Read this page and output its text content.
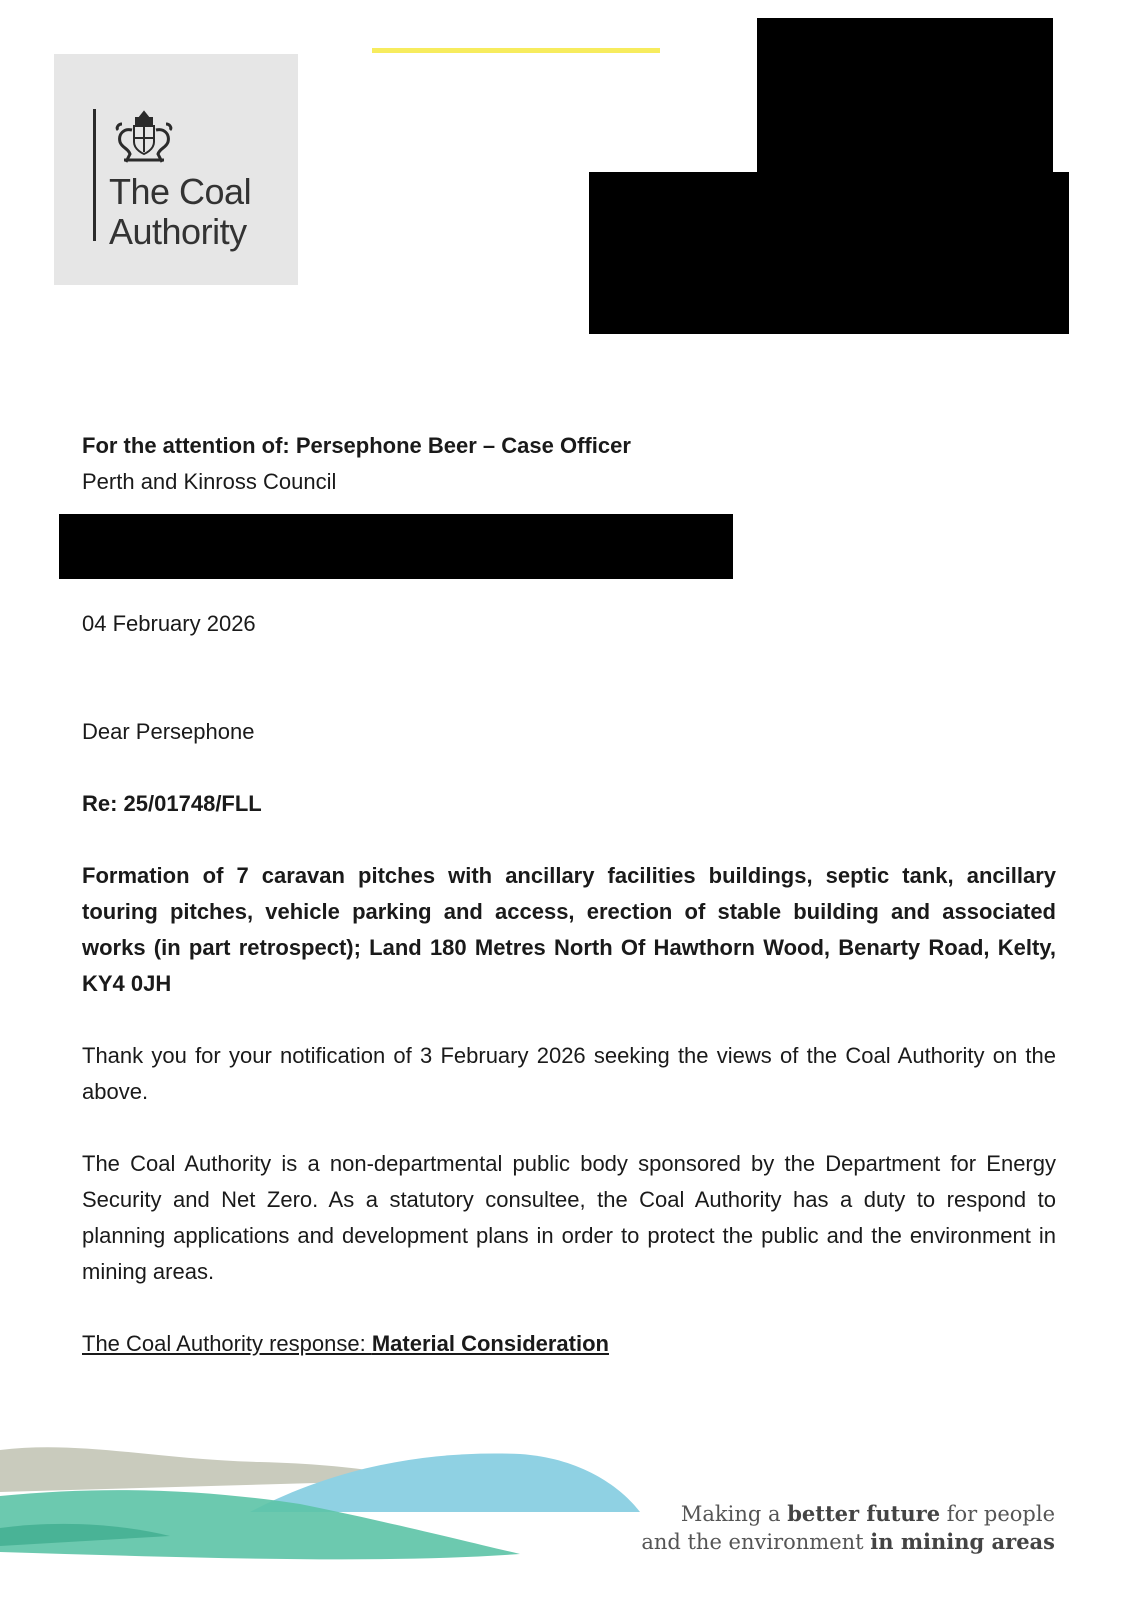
The Coal
Authority
For the attention of: Persephone Beer – Case Officer
Perth and Kinross Council
04 February 2026
Dear Persephone
Re: 25/01748/FLL
Formation of 7 caravan pitches with ancillary facilities buildings, septic tank, ancillary touring pitches, vehicle parking and access, erection of stable building and associated works (in part retrospect); Land 180 Metres North Of Hawthorn Wood, Benarty Road, Kelty, KY4 0JH
Thank you for your notification of 3 February 2026 seeking the views of the Coal Authority on the above.
The Coal Authority is a non-departmental public body sponsored by the Department for Energy Security and Net Zero. As a statutory consultee, the Coal Authority has a duty to respond to planning applications and development plans in order to protect the public and the environment in mining areas.
The Coal Authority response: Material Consideration
Making a better future for people
and the environment in mining areas
